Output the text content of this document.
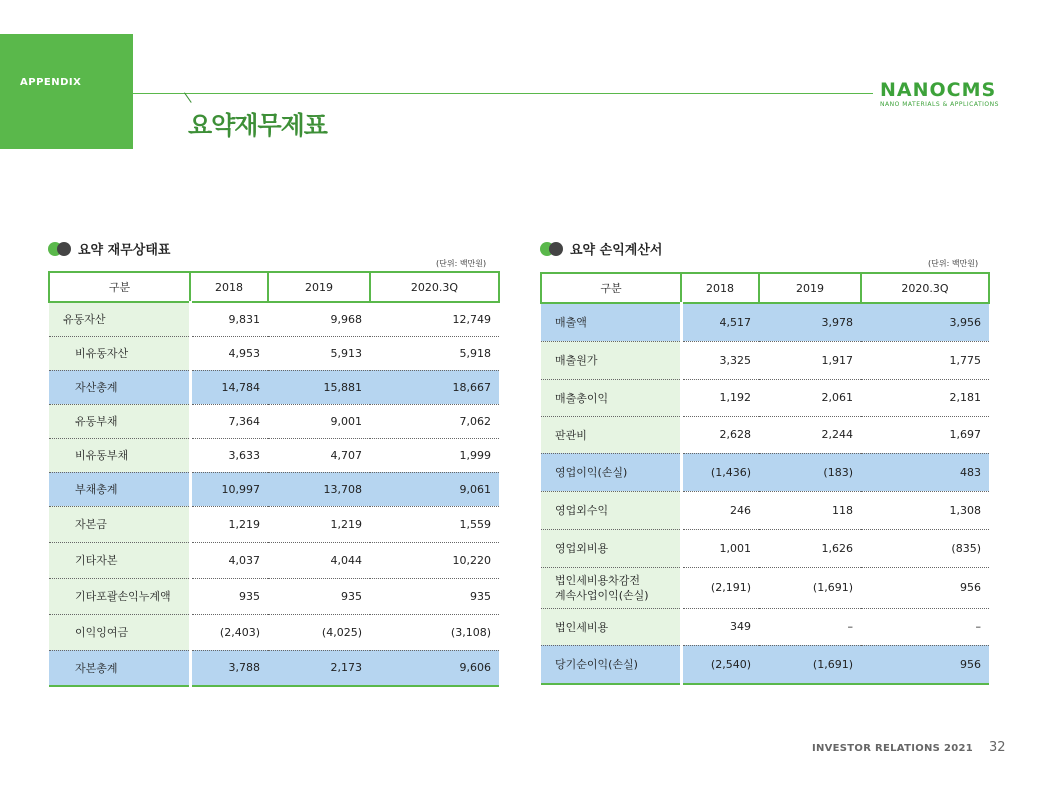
APPENDIX
요약재무제표
NANOCMS
NANO MATERIALS & APPLICATIONS
요약 재무상태표
(단위: 백만원)
구분	2018	2019	2020.3Q
유동자산	9,831	9,968	12,749
비유동자산	4,953	5,913	5,918
자산총계	14,784	15,881	18,667
유동부채	7,364	9,001	7,062
비유동부채	3,633	4,707	1,999
부채총계	10,997	13,708	9,061
자본금	1,219	1,219	1,559
기타자본	4,037	4,044	10,220
기타포괄손익누계액	935	935	935
이익잉여금	(2,403)	(4,025)	(3,108)
자본총계	3,788	2,173	9,606
요약 손익계산서
(단위: 백만원)
구분	2018	2019	2020.3Q
매출액	4,517	3,978	3,956
매출원가	3,325	1,917	1,775
매출총이익	1,192	2,061	2,181
판관비	2,628	2,244	1,697
영업이익(손실)	(1,436)	(183)	483
영업외수익	246	118	1,308
영업외비용	1,001	1,626	(835)

법인세비용차감전
계속사업이익(손실)	(2,191)	(1,691)	956
법인세비용	349	–	–
당기순이익(손실)	(2,540)	(1,691)	956
INVESTOR RELATIONS 2021 32
